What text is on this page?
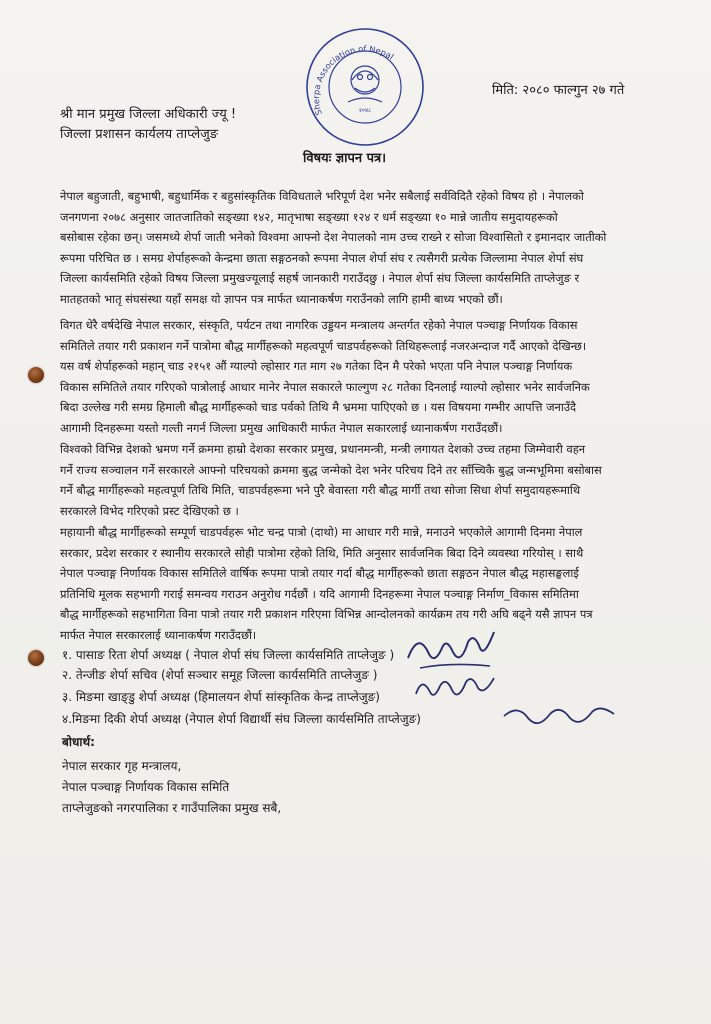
Sherpa Association of Nepal
२०४८
मिति: २०८० फाल्गुन २७ गते
श्री मान प्रमुख जिल्ला अधिकारी ज्यू !
जिल्ला प्रशासन कार्यलय ताप्लेजुङ
विषयः ज्ञापन पत्र।
नेपाल बहुजाती, बहुभाषी, बहुधार्मिक र बहुसांस्कृतिक विविधताले भरिपूर्ण देश भनेर सबैलाई सर्वविदितै रहेको विषय हो । नेपालको
जनगणना २०७८ अनुसार जातजातिको सङ्ख्या १४२, मातृभाषा सङ्ख्या १२४ र धर्म सङ्ख्या १० मान्ने जातीय समुदायहरूको
बसोबास रहेका छन्। जसमध्ये शेर्पा जाती भनेको विश्वमा आफ्नो देश नेपालको नाम उच्च राख्ने र सोजा विश्वासितो र इमानदार जातीको
रूपमा परिचित छ । समग्र शेर्पाहरूको केन्द्रमा छाता सङ्गठनको रूपमा नेपाल शेर्पा संघ र त्यसैगरी प्रत्येक जिल्लामा नेपाल शेर्पा संघ
जिल्ला कार्यसमिति रहेको विषय जिल्ला प्रमुखज्यूलाई सहर्ष जानकारी गराउँदछु । नेपाल शेर्पा संघ जिल्ला कार्यसमिति ताप्लेजुङ र
मातहतको भातृ संघसंस्था यहाँ समक्ष यो ज्ञापन पत्र मार्फत ध्यानाकर्षण गराउँनको लागि हामी बाध्य भएको छौं।
विगत धेरै वर्षदेखि नेपाल सरकार, संस्कृति, पर्यटन तथा नागरिक उड्डयन मन्त्रालय अन्तर्गत रहेको नेपाल पञ्चाङ्ग निर्णायक विकास
समितिले तयार गरी प्रकाशन गर्ने पात्रोमा बौद्ध मार्गीहरूको महत्वपूर्ण चाडपर्वहरूको तिथिहरूलाई नजरअन्दाज गर्दै आएको देखिन्छ।
यस वर्ष शेर्पाहरूको महान् चाड २१५१ औं ग्याल्पो ल्होसार गत माग २७ गतेका दिन मै परेको भएता पनि नेपाल पञ्चाङ्ग निर्णायक
विकास समितिले तयार गरिएको पात्रोलाई आधार मानेर नेपाल सकारले फाल्गुण २८ गतेका दिनलाई ग्याल्पो ल्होसार भनेर सार्वजनिक
बिदा उल्लेख गरी समग्र हिमाली बौद्ध मार्गीहरूको चाड पर्वको तिथि मै भ्रममा पाएिएको छ । यस विषयमा गम्भीर आपत्ति जनाउँदै
आगामी दिनहरूमा यस्तो गल्ती नगर्न जिल्ला प्रमुख आधिकारी मार्फत नेपाल सकारलाई ध्यानाकर्षण गराउँदछौं।
विश्वको विभिन्न देशको भ्रमण गर्ने क्रममा हाम्रो देशका सरकार प्रमुख, प्रधानमन्त्री, मन्त्री लगायत देशको उच्च तहमा जिम्मेवारी वहन
गर्ने राज्य सञ्चालन गर्ने सरकारले आफ्नो परिचयको क्रममा बुद्ध जन्मेको देश भनेर परिचय दिने तर साँच्चिकै बुद्ध जन्मभूमिमा बसोबास
गर्ने बौद्ध मार्गीहरूको महत्वपूर्ण तिथि मिति, चाडपर्वहरूमा भने पुरै बेवास्ता गरी बौद्ध मार्गी तथा सोजा सिधा शेर्पा समुदायहरूमाथि
सरकारले विभेद गरिएको प्रस्ट देखिएको छ ।
महायानी बौद्ध मार्गीहरूको सम्पूर्ण चाडपर्वहरू भोट चन्द्र पात्रो (दाथो) मा आधार गरी मान्ने, मनाउने भएकोले आगामी दिनमा नेपाल
सरकार, प्रदेश सरकार र स्थानीय सरकारले सोही पात्रोमा रहेको तिथि, मिति अनुसार सार्वजनिक बिदा दिने व्यवस्था गरियोस् । साथै
नेपाल पञ्चाङ्ग निर्णायक विकास समितिले वार्षिक रूपमा पात्रो तयार गर्दा बौद्ध मार्गीहरूको छाता सङ्गठन नेपाल बौद्ध महासङ्घलाई
प्रतिनिधि मूलक सहभागी गराई समन्वय गराउन अनुरोध गर्दछौं । यदि आगामी दिनहरूमा नेपाल पञ्चाङ्ग निर्माण_विकास समितिमा
बौद्ध मार्गीहरूको सहभागिता विना पात्रो तयार गरी प्रकाशन गरिएमा विभिन्न आन्दोलनको कार्यक्रम तय गरी अघि बढ्ने यसै ज्ञापन पत्र
मार्फत नेपाल सरकारलाई ध्यानाकर्षण गराउँदछौं।
१. पासाङ रिता शेर्पा अध्यक्ष ( नेपाल शेर्पा संघ जिल्ला कार्यसमिति ताप्लेजुङ )
२. तेन्जीङ शेर्पा सचिव (शेर्पा सञ्चार समूह जिल्ला कार्यसमिति ताप्लेजुङ )
३. मिङमा खाङ्डु शेर्पा अध्यक्ष (हिमालयन शेर्पा सांस्कृतिक केन्द्र ताप्लेजुङ)
४.मिङमा दिकी शेर्पा अध्यक्ष (नेपाल शेर्पा विद्यार्थी संघ जिल्ला कार्यसमिति ताप्लेजुङ)
बोधार्थ:
नेपाल सरकार गृह मन्त्रालय,
नेपाल पञ्चाङ्ग निर्णायक विकास समिति
ताप्लेजुङको नगरपालिका र गाउँपालिका प्रमुख सबै,
